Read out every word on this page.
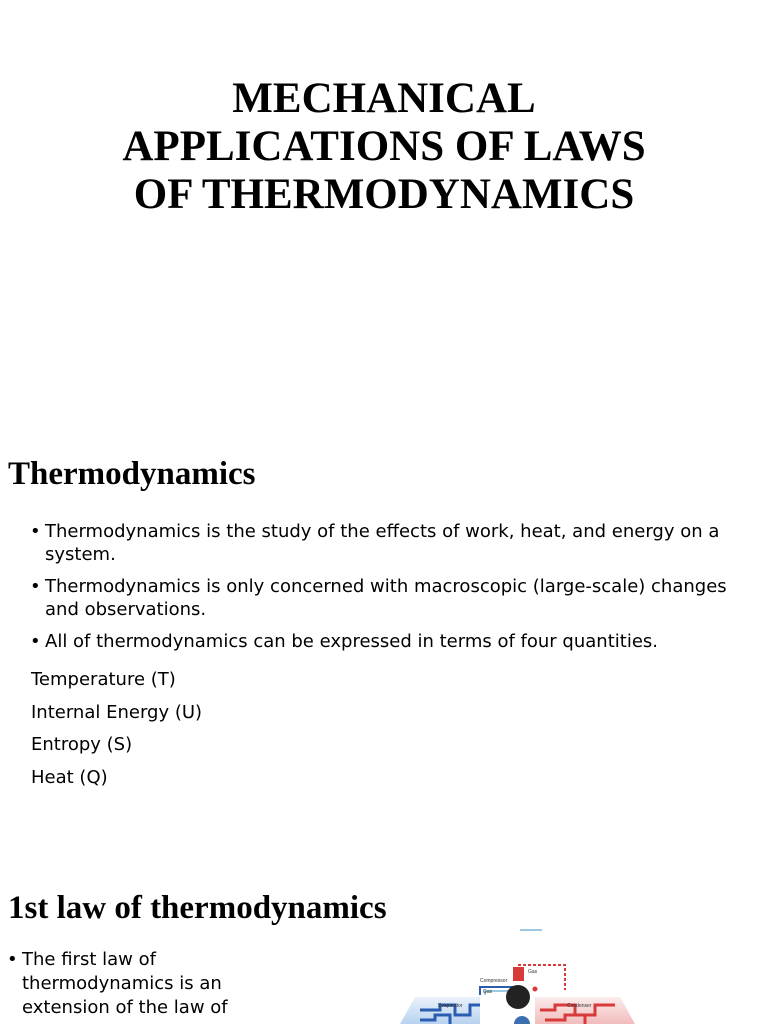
MECHANICAL
APPLICATIONS OF LAWS
OF THERMODYNAMICS
Thermodynamics
• Thermodynamics is the study of the effects of work, heat, and energy on a system.
• Thermodynamics is only concerned with macroscopic (large-scale) changes and observations.
• All of thermodynamics can be expressed in terms of four quantities.
Temperature (T)
Internal Energy (U)
Entropy (S)
Heat (Q)
1st law of thermodynamics
• The first law of thermodynamics is an extension of the law of
Compressor
Gas
Gas
Evaporator	Condenser
